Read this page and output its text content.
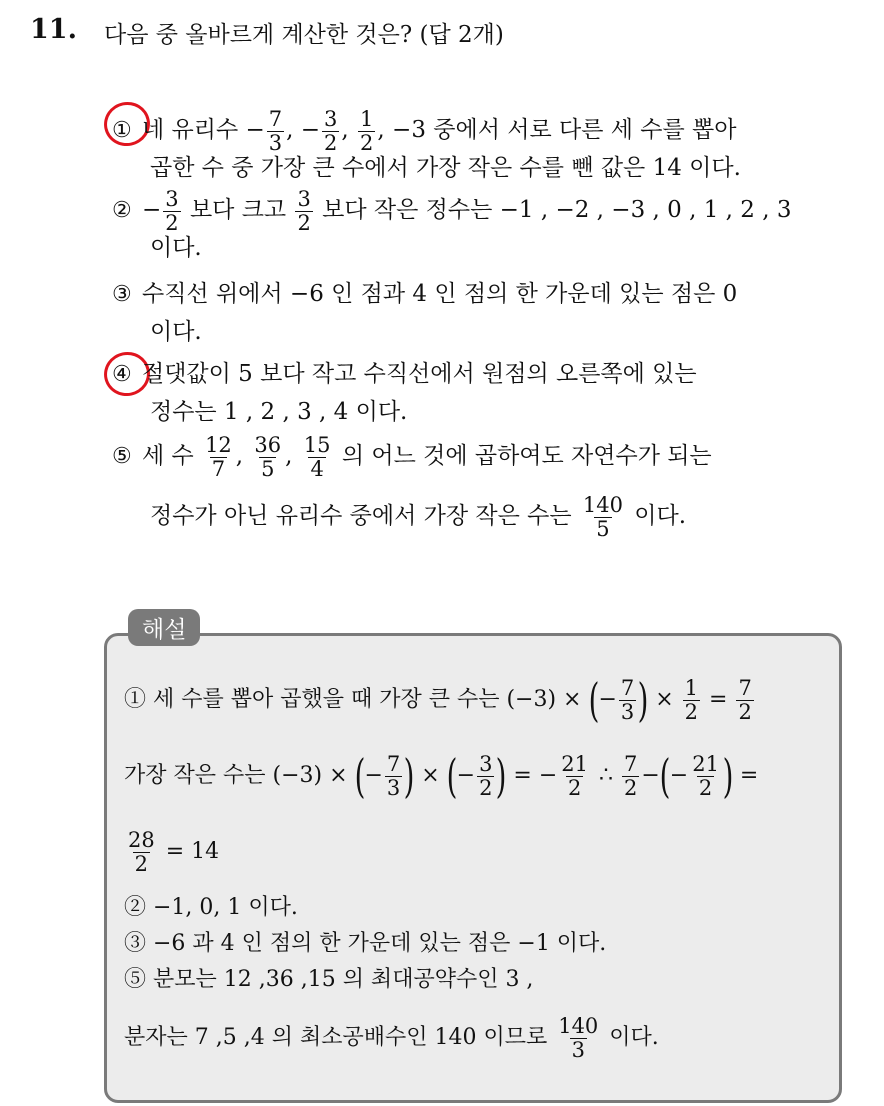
11. 다음 중 올바르게 계산한 것은? (답 2개)
① 네 유리수 − $\frac{7}{3}$ , − $\frac{3}{2}$ , $\frac{1}{2}$ , −3 중에서 서로 다른 세 수를 뽑아
곱한 수 중 가장 큰 수에서 가장 작은 수를 뺀 값은 14 이다.
② − $\frac{3}{2}$ 보다 크고 $\frac{3}{2}$ 보다 작은 정수는 −1 , −2 , −3 , 0 , 1 , 2 , 3
이다.
③ 수직선 위에서 −6 인 점과 4 인 점의 한 가운데 있는 점은 0
이다.
④ 절댓값이 5 보다 작고 수직선에서 원점의 오른쪽에 있는
정수는 1 , 2 , 3 , 4 이다.
⑤ 세 수 $\frac{12}{7}$ , $\frac{36}{5}$ , $\frac{15}{4}$ 의 어느 것에 곱하여도 자연수가 되는
정수가 아닌 유리수 중에서 가장 작은 수는 $\frac{140}{5}$ 이다.
해설
① 세 수를 뽑아 곱했을 때 가장 큰 수는 (−3) × (− $\frac{7}{3}$ ) × $\frac{1}{2} = \frac{7}{2}$
가장 작은 수는 (−3) × (− $\frac{7}{3}$ ) × (− $\frac{3}{2}$ ) = − $\frac{21}{2}$ ∴ $\frac{7}{2}$ −(− $\frac{21}{2}$ ) =
$\frac{28}{2} = 14$
② −1, 0, 1 이다.
③ −6 과 4 인 점의 한 가운데 있는 점은 −1 이다.
⑤ 분모는 12 ,36 ,15 의 최대공약수인 3 ,
분자는 7 ,5 ,4 의 최소공배수인 140 이므로 $\frac{140}{3}$ 이다.
